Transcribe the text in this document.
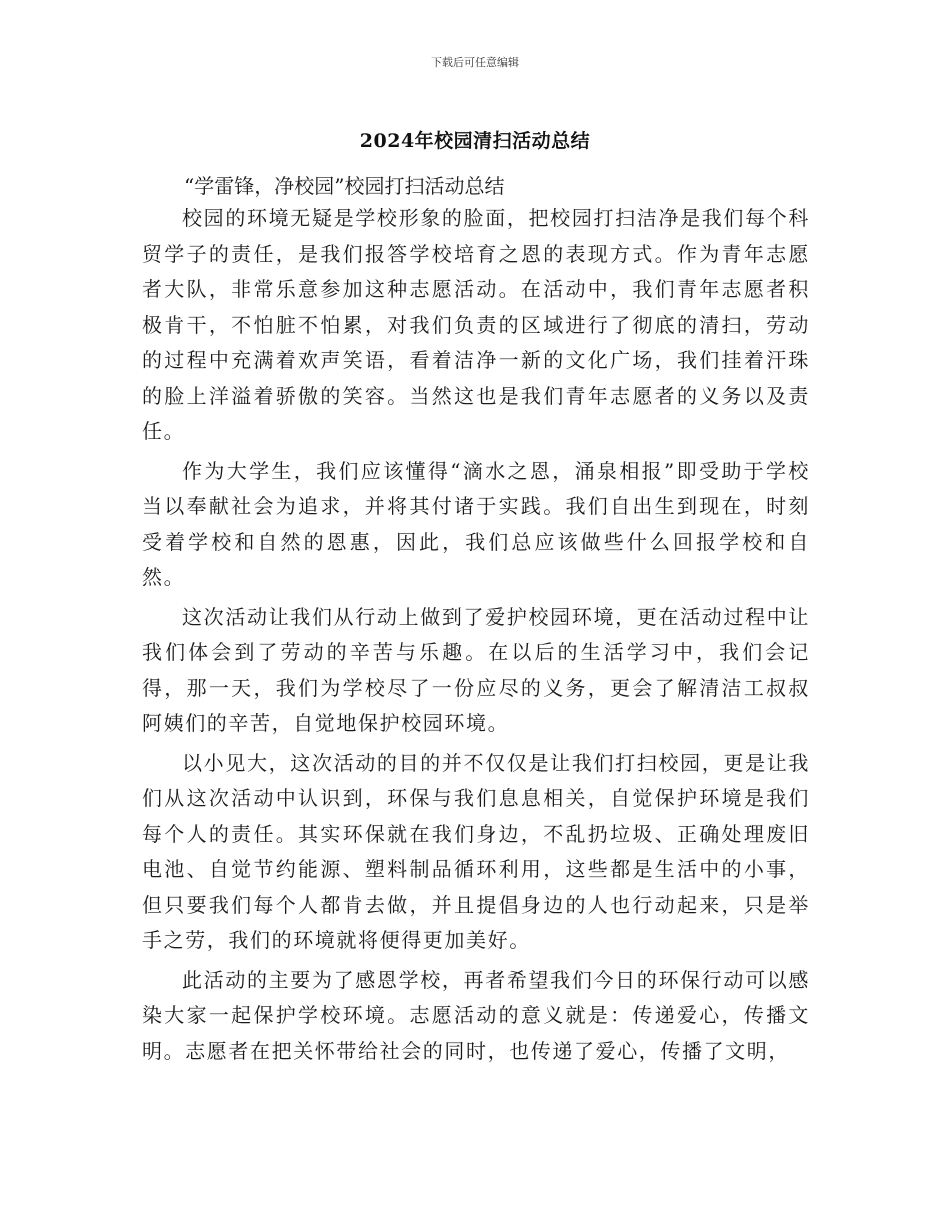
下载后可任意编辑
2024年校园清扫活动总结

“学雷锋，净校园”校园打扫活动总结

校园的环境无疑是学校形象的脸面，把校园打扫洁净是我们每个科贸学子的责任，是我们报答学校培育之恩的表现方式。作为青年志愿者大队，非常乐意参加这种志愿活动。在活动中，我们青年志愿者积极肯干，不怕脏不怕累，对我们负责的区域进行了彻底的清扫，劳动的过程中充满着欢声笑语，看着洁净一新的文化广场，我们挂着汗珠的脸上洋溢着骄傲的笑容。当然这也是我们青年志愿者的义务以及责任。

作为大学生，我们应该懂得“滴水之恩，涌泉相报”即受助于学校当以奉献社会为追求，并将其付诸于实践。我们自出生到现在，时刻受着学校和自然的恩惠，因此，我们总应该做些什么回报学校和自然。

这次活动让我们从行动上做到了爱护校园环境，更在活动过程中让我们体会到了劳动的辛苦与乐趣。在以后的生活学习中，我们会记得，那一天，我们为学校尽了一份应尽的义务，更会了解清洁工叔叔阿姨们的辛苦，自觉地保护校园环境。

以小见大，这次活动的目的并不仅仅是让我们打扫校园，更是让我们从这次活动中认识到，环保与我们息息相关，自觉保护环境是我们每个人的责任。其实环保就在我们身边，不乱扔垃圾、正确处理废旧电池、自觉节约能源、塑料制品循环利用，这些都是生活中的小事，但只要我们每个人都肯去做，并且提倡身边的人也行动起来，只是举手之劳，我们的环境就将便得更加美好。

此活动的主要为了感恩学校，再者希望我们今日的环保行动可以感染大家一起保护学校环境。志愿活动的意义就是：传递爱心，传播文明。志愿者在把关怀带给社会的同时，也传递了爱心，传播了文明，
